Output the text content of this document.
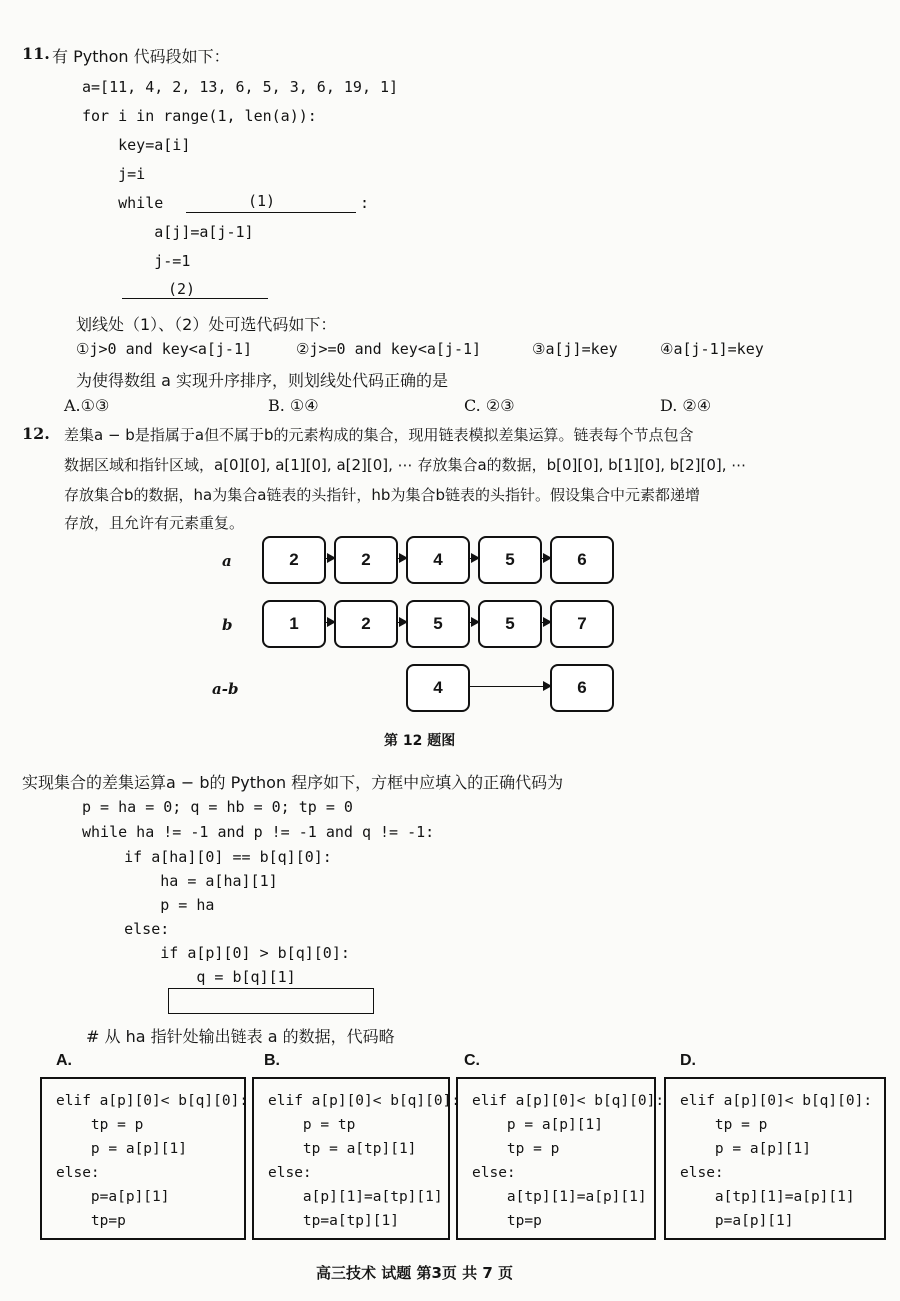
11. 有 Python 代码段如下：
a=[11, 4, 2, 13, 6, 5, 3, 6, 19, 1]
for i in range(1, len(a)):
key=a[i]
j=i
while	(1)	:
a[j]=a[j-1]
j-=1
(2)
划线处（1）、（2）处可选代码如下：
①j>0 and key<a[j-1]	②j>=0 and key<a[j-1]	③a[j]=key	④a[j-1]=key
为使得数组 a 实现升序排序，则划线处代码正确的是
A.①③	B. ①④	C. ②③	D. ②④
12. 差集a − b是指属于a但不属于b的元素构成的集合，现用链表模拟差集运算。链表每个节点包含
数据区域和指针区域，a[0][0], a[1][0], a[2][0], ⋯ 存放集合a的数据，b[0][0], b[1][0], b[2][0], ⋯
存放集合b的数据，ha为集合a链表的头指针，hb为集合b链表的头指针。假设集合中元素都递增
存放，且允许有元素重复。
a	2	2	4	5	6
b	1	2	5	5	7
a-b	4	6
第 12 题图
实现集合的差集运算a − b的 Python 程序如下，方框中应填入的正确代码为
p = ha = 0; q = hb = 0; tp = 0
while ha != -1 and p != -1 and q != -1:
if a[ha][0] == b[q][0]:
ha = a[ha][1]
p = ha
else:
if a[p][0] > b[q][0]:
q = b[q][1]
# 从 ha 指针处输出链表 a 的数据，代码略
A.
elif a[p][0]< b[q][0]:
tp = p
p = a[p][1]
else:
p=a[p][1]
tp=p
B.
elif a[p][0]< b[q][0]:
p = tp
tp = a[tp][1]
else:
a[p][1]=a[tp][1]
tp=a[tp][1]
C.
elif a[p][0]< b[q][0]:
p = a[p][1]
tp = p
else:
a[tp][1]=a[p][1]
tp=p
D.
elif a[p][0]< b[q][0]:
tp = p
p = a[p][1]
else:
a[tp][1]=a[p][1]
p=a[p][1]
高三技术 试题 第3页 共 7 页
